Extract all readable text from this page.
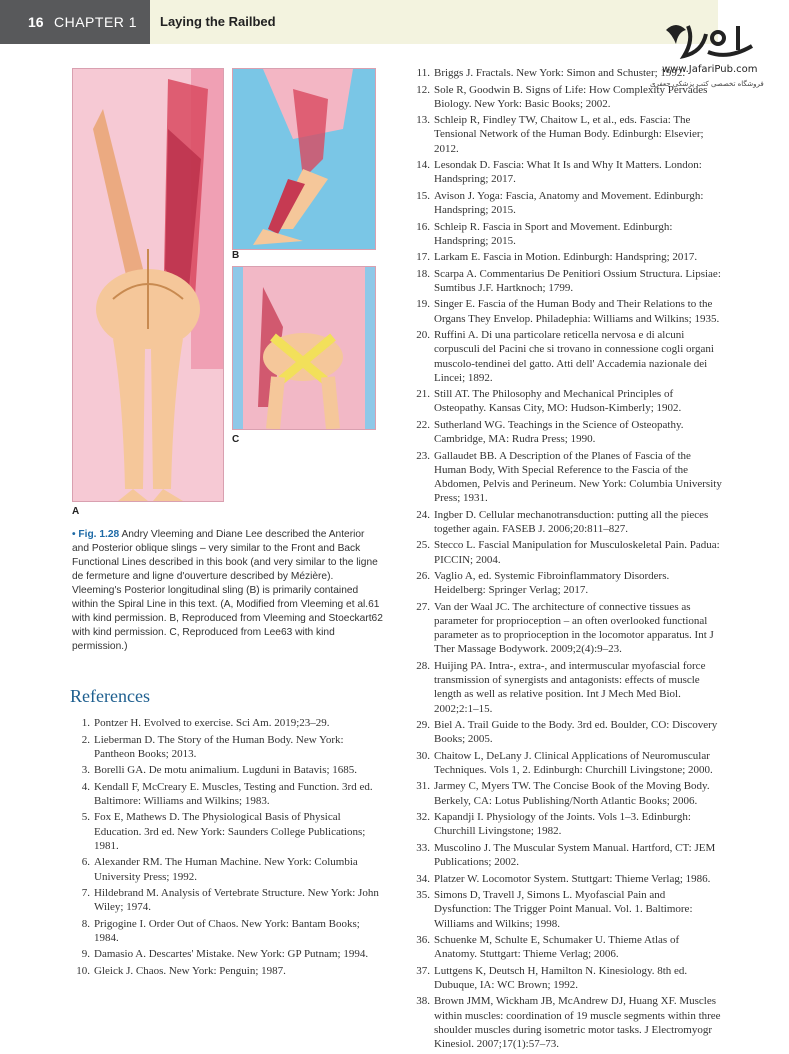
16 CHAPTER 1 Laying the Railbed
www.JafariPub.com
فروشگاه تخصصی کتب پزشکی جعفری
A
B
C
• Fig. 1.28 Andry Vleeming and Diane Lee described the Anterior and Posterior oblique slings – very similar to the Front and Back Functional Lines described in this book (and very similar to the ligne de fermeture and ligne d'ouverture described by Mézière). Vleeming's Posterior longitudinal sling (B) is primarily contained within the Spiral Line in this text. (A, Modified from Vleeming et al.61 with kind permission. B, Reproduced from Vleeming and Stoeckart62 with kind permission. C, Reproduced from Lee63 with kind permission.)
References
1. Pontzer H. Evolved to exercise. Sci Am. 2019;23–29.
2. Lieberman D. The Story of the Human Body. New York: Pantheon Books; 2013.
3. Borelli GA. De motu animalium. Lugduni in Batavis; 1685.
4. Kendall F, McCreary E. Muscles, Testing and Function. 3rd ed. Baltimore: Williams and Wilkins; 1983.
5. Fox E, Mathews D. The Physiological Basis of Physical Education. 3rd ed. New York: Saunders College Publications; 1981.
6. Alexander RM. The Human Machine. New York: Columbia University Press; 1992.
7. Hildebrand M. Analysis of Vertebrate Structure. New York: John Wiley; 1974.
8. Prigogine I. Order Out of Chaos. New York: Bantam Books; 1984.
9. Damasio A. Descartes' Mistake. New York: GP Putnam; 1994.
10. Gleick J. Chaos. New York: Penguin; 1987.
11. Briggs J. Fractals. New York: Simon and Schuster; 1992.
12. Sole R, Goodwin B. Signs of Life: How Complexity Pervades Biology. New York: Basic Books; 2002.
13. Schleip R, Findley TW, Chaitow L, et al., eds. Fascia: The Tensional Network of the Human Body. Edinburgh: Elsevier; 2012.
14. Lesondak D. Fascia: What It Is and Why It Matters. London: Handspring; 2017.
15. Avison J. Yoga: Fascia, Anatomy and Movement. Edinburgh: Handspring; 2015.
16. Schleip R. Fascia in Sport and Movement. Edinburgh: Handspring; 2015.
17. Larkam E. Fascia in Motion. Edinburgh: Handspring; 2017.
18. Scarpa A. Commentarius De Penitiori Ossium Structura. Lipsiae: Sumtibus J.F. Hartknoch; 1799.
19. Singer E. Fascia of the Human Body and Their Relations to the Organs They Envelop. Philadephia: Williams and Wilkins; 1935.
20. Ruffini A. Di una particolare reticella nervosa e di alcuni corpusculi del Pacini che si trovano in connessione cogli organi muscolo-tendinei del gatto. Atti dell' Accademia nazionale dei Lincei; 1892.
21. Still AT. The Philosophy and Mechanical Principles of Osteopathy. Kansas City, MO: Hudson-Kimberly; 1902.
22. Sutherland WG. Teachings in the Science of Osteopathy. Cambridge, MA: Rudra Press; 1990.
23. Gallaudet BB. A Description of the Planes of Fascia of the Human Body, With Special Reference to the Fascia of the Abdomen, Pelvis and Perineum. New York: Columbia University Press; 1931.
24. Ingber D. Cellular mechanotransduction: putting all the pieces together again. FASEB J. 2006;20:811–827.
25. Stecco L. Fascial Manipulation for Musculoskeletal Pain. Padua: PICCIN; 2004.
26. Vaglio A, ed. Systemic Fibroinflammatory Disorders. Heidelberg: Springer Verlag; 2017.
27. Van der Waal JC. The architecture of connective tissues as parameter for proprioception – an often overlooked functional parameter as to proprioception in the locomotor apparatus. Int J Ther Massage Bodywork. 2009;2(4):9–23.
28. Huijing PA. Intra-, extra-, and intermuscular myofascial force transmission of synergists and antagonists: effects of muscle length as well as relative position. Int J Mech Med Biol. 2002;2:1–15.
29. Biel A. Trail Guide to the Body. 3rd ed. Boulder, CO: Discovery Books; 2005.
30. Chaitow L, DeLany J. Clinical Applications of Neuromuscular Techniques. Vols 1, 2. Edinburgh: Churchill Livingstone; 2000.
31. Jarmey C, Myers TW. The Concise Book of the Moving Body. Berkely, CA: Lotus Publishing/North Atlantic Books; 2006.
32. Kapandji I. Physiology of the Joints. Vols 1–3. Edinburgh: Churchill Livingstone; 1982.
33. Muscolino J. The Muscular System Manual. Hartford, CT: JEM Publications; 2002.
34. Platzer W. Locomotor System. Stuttgart: Thieme Verlag; 1986.
35. Simons D, Travell J, Simons L. Myofascial Pain and Dysfunction: The Trigger Point Manual. Vol. 1. Baltimore: Williams and Wilkins; 1998.
36. Schuenke M, Schulte E, Schumaker U. Thieme Atlas of Anatomy. Stuttgart: Thieme Verlag; 2006.
37. Luttgens K, Deutsch H, Hamilton N. Kinesiology. 8th ed. Dubuque, IA: WC Brown; 1992.
38. Brown JMM, Wickham JB, McAndrew DJ, Huang XF. Muscles within muscles: coordination of 19 muscle segments within three shoulder muscles during isometric motor tasks. J Electromyogr Kinesiol. 2007;17(1):57–73.
